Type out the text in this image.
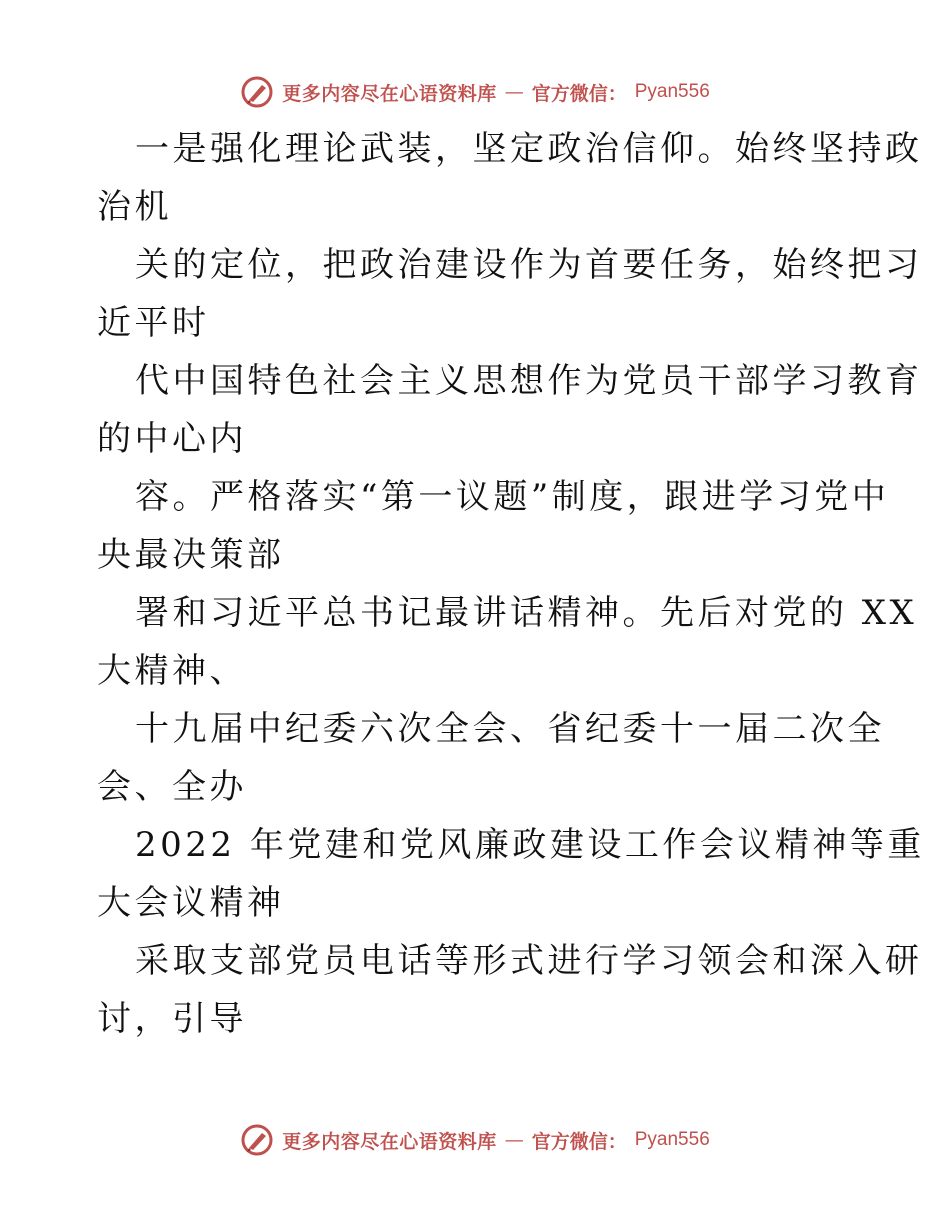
更多内容尽在心语资料库 — 官方微信： Pyan556
一是强化理论武装，坚定政治信仰。始终坚持政
治机
关的定位，把政治建设作为首要任务，始终把习
近平时
代中国特色社会主义思想作为党员干部学习教育
的中心内
容。严格落实“第一议题”制度，跟进学习党中
央最决策部
署和习近平总书记最讲话精神。先后对党的 XX
大精神、
十九届中纪委六次全会、省纪委十一届二次全
会、全办
2022 年党建和党风廉政建设工作会议精神等重
大会议精神
采取支部党员电话等形式进行学习领会和深入研
讨，引导
更多内容尽在心语资料库 — 官方微信： Pyan556
